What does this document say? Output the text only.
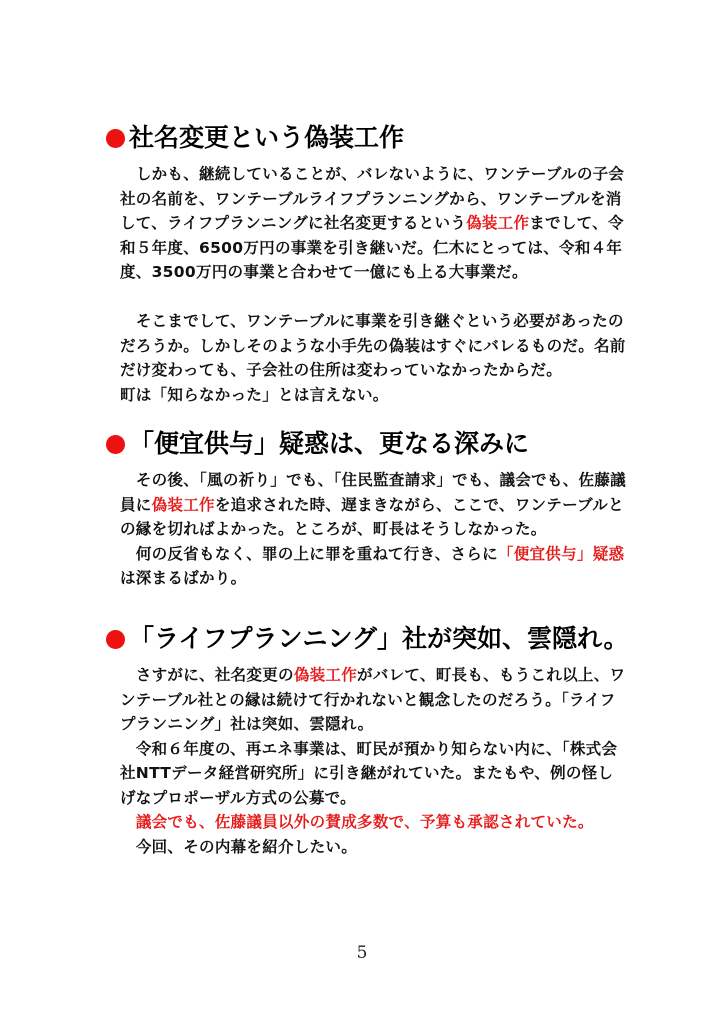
社名変更という偽装工作

　しかも、継続していることが、バレないように、ワンテーブルの子会社の名前を、ワンテーブルライフプランニングから、ワンテーブルを消して、ライフプランニングに社名変更するという偽装工作までして、令和５年度、6500万円の事業を引き継いだ。仁木にとっては、令和４年度、3500万円の事業と合わせて一億にも上る大事業だ。

　そこまでして、ワンテーブルに事業を引き継ぐという必要があったのだろうか。しかしそのような小手先の偽装はすぐにバレるものだ。名前だけ変わっても、子会社の住所は変わっていなかったからだ。

町は「知らなかった」とは言えない。

「便宜供与」疑惑は、更なる深みに

　その後、「風の祈り」でも、「住民監査請求」でも、議会でも、佐藤議員に偽装工作を追求された時、遅まきながら、ここで、ワンテーブルとの縁を切ればよかった。ところが、町長はそうしなかった。

　何の反省もなく、罪の上に罪を重ねて行き、さらに「便宜供与」疑惑は深まるばかり。

「ライフプランニング」社が突如、雲隠れ。

　さすがに、社名変更の偽装工作がバレて、町長も、もうこれ以上、ワンテーブル社との縁は続けて行かれないと観念したのだろう。「ライフプランニング」社は突如、雲隠れ。

　令和６年度の、再エネ事業は、町民が預かり知らない内に、「株式会社NTTデータ経営研究所」に引き継がれていた。またもや、例の怪しげなプロポーザル方式の公募で。

　議会でも、佐藤議員以外の賛成多数で、予算も承認されていた。

　今回、その内幕を紹介したい。

5
